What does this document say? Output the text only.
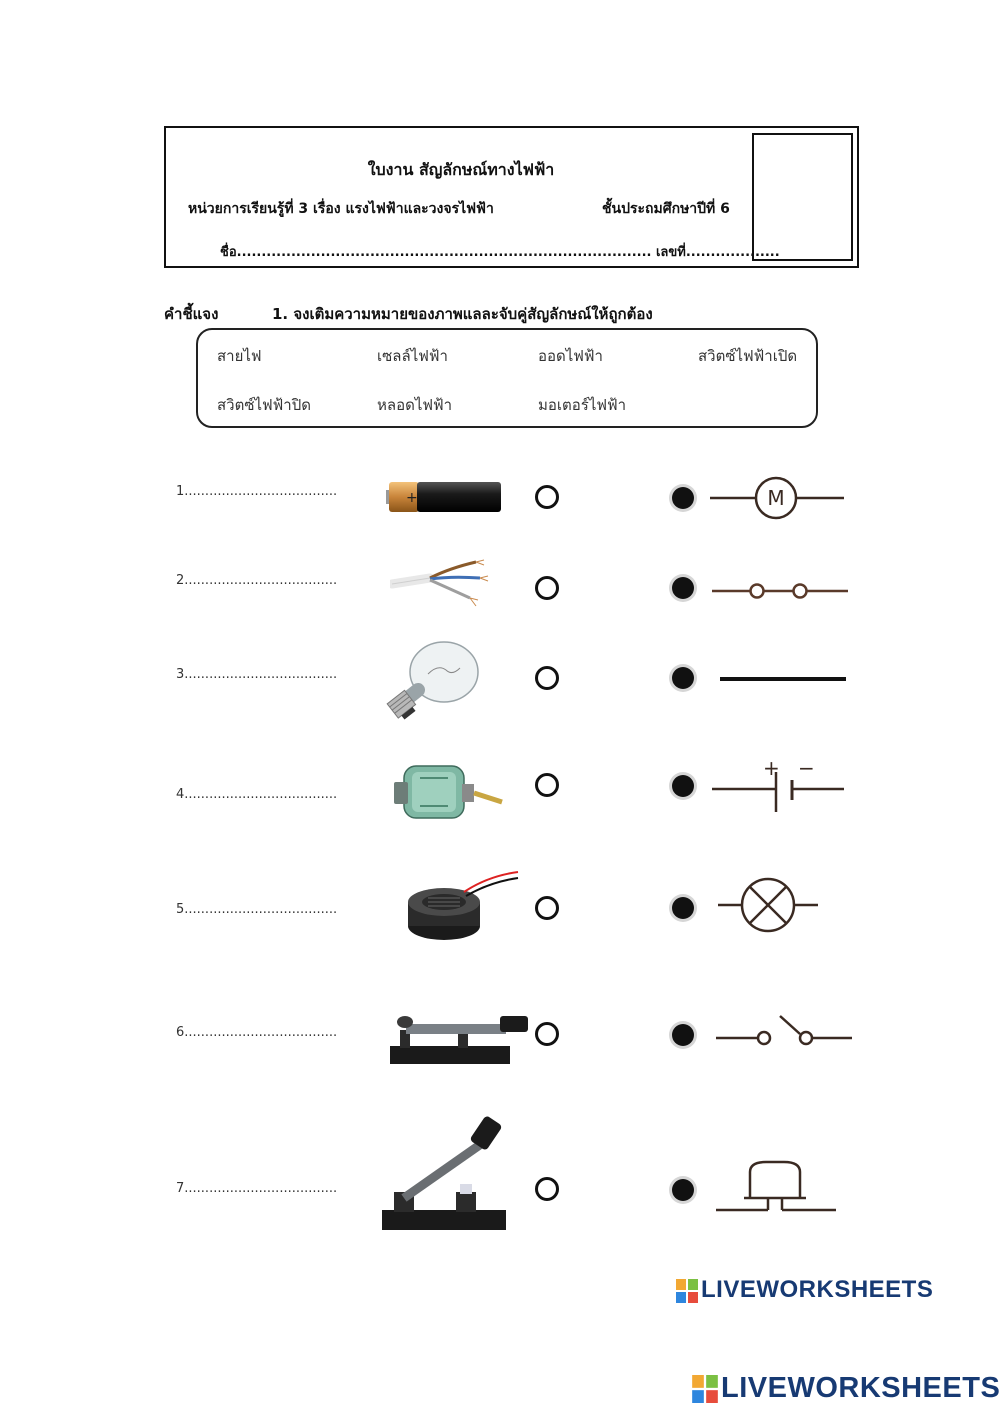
ใบงาน สัญลักษณ์ทางไฟฟ้า
หน่วยการเรียนรู้ที่ 3 เรื่อง แรงไฟฟ้าและวงจรไฟฟ้า	ชั้นประถมศึกษาปีที่ 6
ชื่อ.................................................................................... เลขที่...................
คำชี้แจง	1. จงเติมความหมายของภาพแลละจับคู่สัญลักษณ์ให้ถูกต้อง
สายไฟ	เซลล์ไฟฟ้า	ออดไฟฟ้า	สวิตซ์ไฟฟ้าเปิด
สวิตซ์ไฟฟ้าปิด	หลอดไฟฟ้า	มอเตอร์ไฟฟ้า
1.....................................
2.....................................
3.....................................
4.....................................
5.....................................
6.....................................
7.....................................
+	M
+ −
LIVEWORKSHEETS
LIVEWORKSHEETS
